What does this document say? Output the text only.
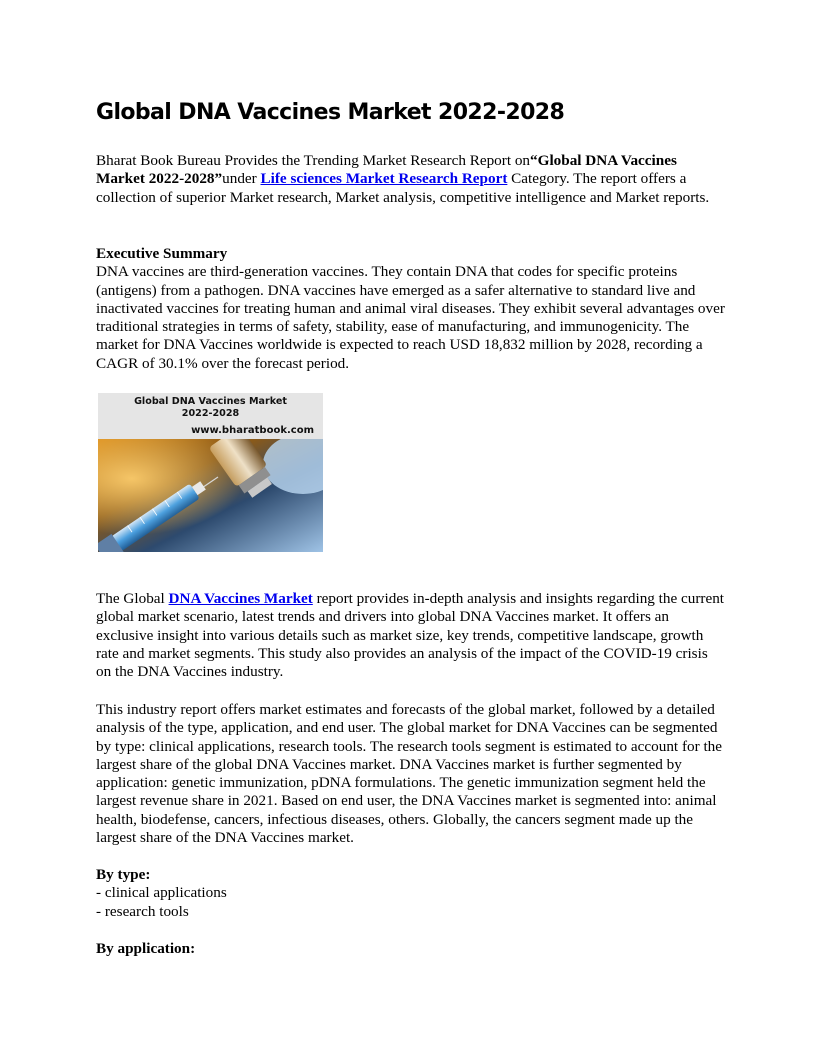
Global DNA Vaccines Market 2022-2028

Bharat Book Bureau Provides the Trending Market Research Report on“Global DNA Vaccines Market 2022-2028”under Life sciences Market Research Report Category. The report offers a collection of superior Market research, Market analysis, competitive intelligence and Market reports.

Executive Summary

DNA vaccines are third-generation vaccines. They contain DNA that codes for specific proteins (antigens) from a pathogen. DNA vaccines have emerged as a safer alternative to standard live and inactivated vaccines for treating human and animal viral diseases. They exhibit several advantages over traditional strategies in terms of safety, stability, ease of manufacturing, and immunogenicity. The market for DNA Vaccines worldwide is expected to reach USD 18,832 million by 2028, recording a CAGR of 30.1% over the forecast period.

Global DNA Vaccines Market
2022-2028
www.bharatbook.com

The Global DNA Vaccines Market report provides in-depth analysis and insights regarding the current global market scenario, latest trends and drivers into global DNA Vaccines market. It offers an exclusive insight into various details such as market size, key trends, competitive landscape, growth rate and market segments. This study also provides an analysis of the impact of the COVID-19 crisis on the DNA Vaccines industry.

This industry report offers market estimates and forecasts of the global market, followed by a detailed analysis of the type, application, and end user. The global market for DNA Vaccines can be segmented by type: clinical applications, research tools. The research tools segment is estimated to account for the largest share of the global DNA Vaccines market. DNA Vaccines market is further segmented by application: genetic immunization, pDNA formulations. The genetic immunization segment held the largest revenue share in 2021. Based on end user, the DNA Vaccines market is segmented into: animal health, biodefense, cancers, infectious diseases, others. Globally, the cancers segment made up the largest share of the DNA Vaccines market.

By type:

- clinical applications
- research tools

By application:
